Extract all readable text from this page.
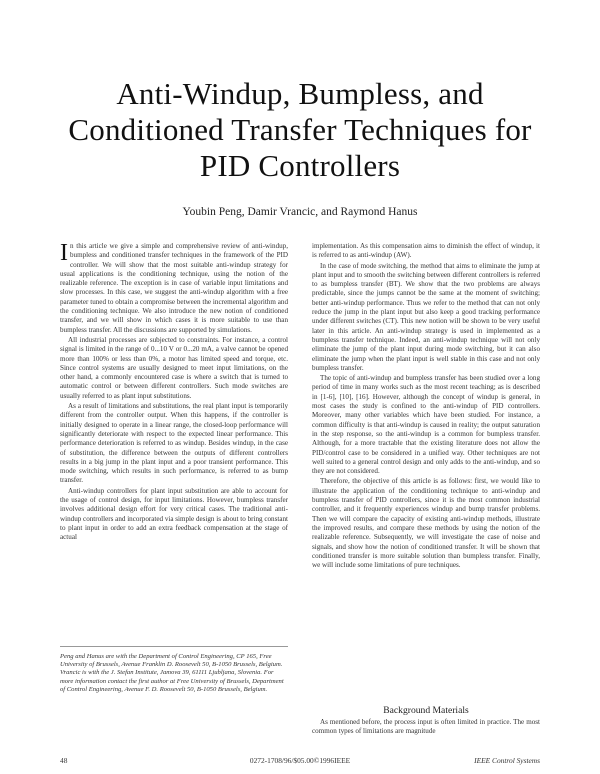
Anti-Windup, Bumpless, and
Conditioned Transfer Techniques for
PID Controllers

Youbin Peng, Damir Vrancic, and Raymond Hanus

In this article we give a simple and comprehensive review of anti-windup, bumpless and conditioned transfer techniques in the framework of the PID controller. We will show that the most suitable anti-windup strategy for usual applications is the conditioning technique, using the notion of the realizable reference. The exception is in case of variable input limitations and slow processes. In this case, we suggest the anti-windup algorithm with a free parameter tuned to obtain a compromise between the incremental algorithm and the conditioning technique. We also introduce the new notion of conditioned transfer, and we will show in which cases it is more suitable to use than bumpless transfer. All the discussions are supported by simulations.

All industrial processes are subjected to constraints. For instance, a control signal is limited in the range of 0...10 V or 0...20 mA, a valve cannot be opened more than 100% or less than 0%, a motor has limited speed and torque, etc. Since control systems are usually designed to meet input limitations, on the other hand, a commonly encountered case is where a switch that is turned to automatic control or between different controllers. Such mode switches are usually referred to as plant input substitutions.

As a result of limitations and substitutions, the real plant input is temporarily different from the controller output. When this happens, if the controller is initially designed to operate in a linear range, the closed-loop performance will significantly deteriorate with respect to the expected linear performance. This performance deterioration is referred to as windup. Besides windup, in the case of substitution, the difference between the outputs of different controllers results in a big jump in the plant input and a poor transient performance. This mode switching, which results in such performance, is referred to as bump transfer.

Anti-windup controllers for plant input substitution are able to account for the usage of control design, for input limitations. However, bumpless transfer involves additional design effort for very critical cases. The traditional anti-windup controllers and incorporated via simple design is about to bring constant to plant input in order to add an extra feedback compensation at the stage of actual

Peng and Hanus are with the Department of Control Engineering, CP 165, Free University of Brussels, Avenue Franklin D. Roosevelt 50, B-1050 Brussels, Belgium. Vrancic is with the J. Stefan Institute, Jamova 39, 61111 Ljubljana, Slovenia. For more information contact the first author at Free University of Brussels, Department of Control Engineering, Avenue F. D. Roosevelt 50, B-1050 Brussels, Belgium.

implementation. As this compensation aims to diminish the effect of windup, it is referred to as anti-windup (AW).

In the case of mode switching, the method that aims to eliminate the jump at plant input and to smooth the switching between different controllers is referred to as bumpless transfer (BT). We show that the two problems are always predictable, since the jumps cannot be the same at the moment of switching; better anti-windup performance. Thus we refer to the method that can not only reduce the jump in the plant input but also keep a good tracking performance under different switches (CT). This new notion will be shown to be very useful later in this article. An anti-windup strategy is used in implemented as a bumpless transfer technique. Indeed, an anti-windup technique will not only eliminate the jump of the plant input during mode switching, but it can also eliminate the jump when the plant input is well stable in this case and not only bumpless transfer.

The topic of anti-windup and bumpless transfer has been studied over a long period of time in many works such as the most recent teaching; as is described in [1-6], [10], [16]. However, although the concept of windup is general, in most cases the study is confined to the anti-windup of PID controllers. Moreover, many other variables which have been studied. For instance, a common difficulty is that anti-windup is caused in reality; the output saturation in the step response, so the anti-windup is a common for bumpless transfer. Although, for a more tractable that the existing literature does not allow the PID/control case to be considered in a unified way. Other techniques are not well suited to a general control design and only adds to the anti-windup, and so they are not considered.

Therefore, the objective of this article is as follows: first, we would like to illustrate the application of the conditioning technique to anti-windup and bumpless transfer of PID controllers, since it is the most common industrial controller, and it frequently experiences windup and bump transfer problems. Then we will compare the capacity of existing anti-windup methods, illustrate the improved results, and compare these methods by using the notion of the realizable reference. Subsequently, we will investigate the case of noise and signals, and show how the notion of conditioned transfer. It will be shown that conditioned transfer is more suitable solution than bumpless transfer. Finally, we will include some limitations of pure techniques.

Background Materials

As mentioned before, the process input is often limited in practice. The most common types of limitations are magnitude

48	0272-1708/96/$05.00©1996IEEE	IEEE Control Systems
